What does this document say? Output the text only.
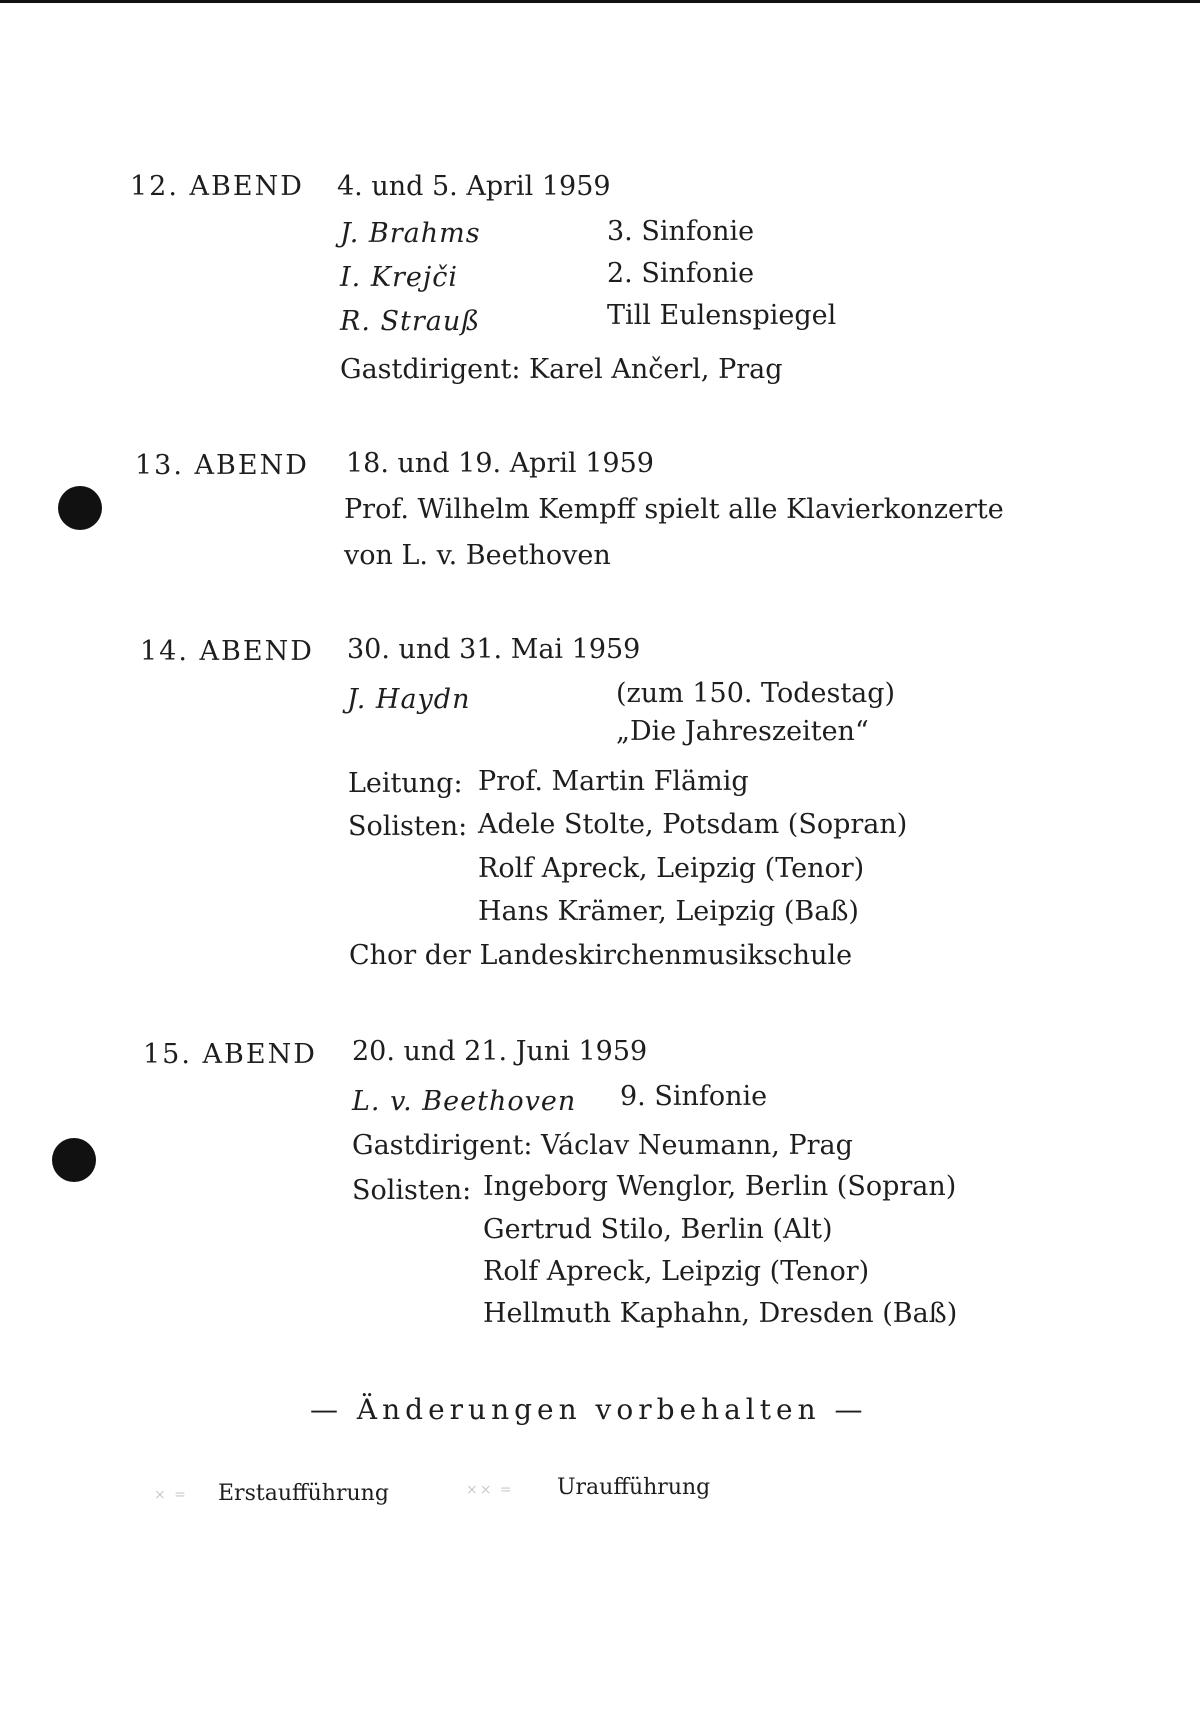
12. ABEND 4. und 5. April 1959
J. Brahms	3. Sinfonie
I. Krejči	2. Sinfonie
R. Strauß	Till Eulenspiegel
Gastdirigent: Karel Ančerl, Prag
13. ABEND 18. und 19. April 1959
Prof. Wilhelm Kempff spielt alle Klavierkonzerte
von L. v. Beethoven
14. ABEND 30. und 31. Mai 1959
J. Haydn	(zum 150. Todestag)
„Die Jahreszeiten“
Leitung: Prof. Martin Flämig
Solisten: Adele Stolte, Potsdam (Sopran)
Rolf Apreck, Leipzig (Tenor)
Hans Krämer, Leipzig (Baß)
Chor der Landeskirchenmusikschule
15. ABEND 20. und 21. Juni 1959
L. v. Beethoven 9. Sinfonie
Gastdirigent: Václav Neumann, Prag
Solisten: Ingeborg Wenglor, Berlin (Sopran)
Gertrud Stilo, Berlin (Alt)
Rolf Apreck, Leipzig (Tenor)
Hellmuth Kaphahn, Dresden (Baß)
— Änderungen vorbehalten —
× = Erstaufführung	×× = Uraufführung
